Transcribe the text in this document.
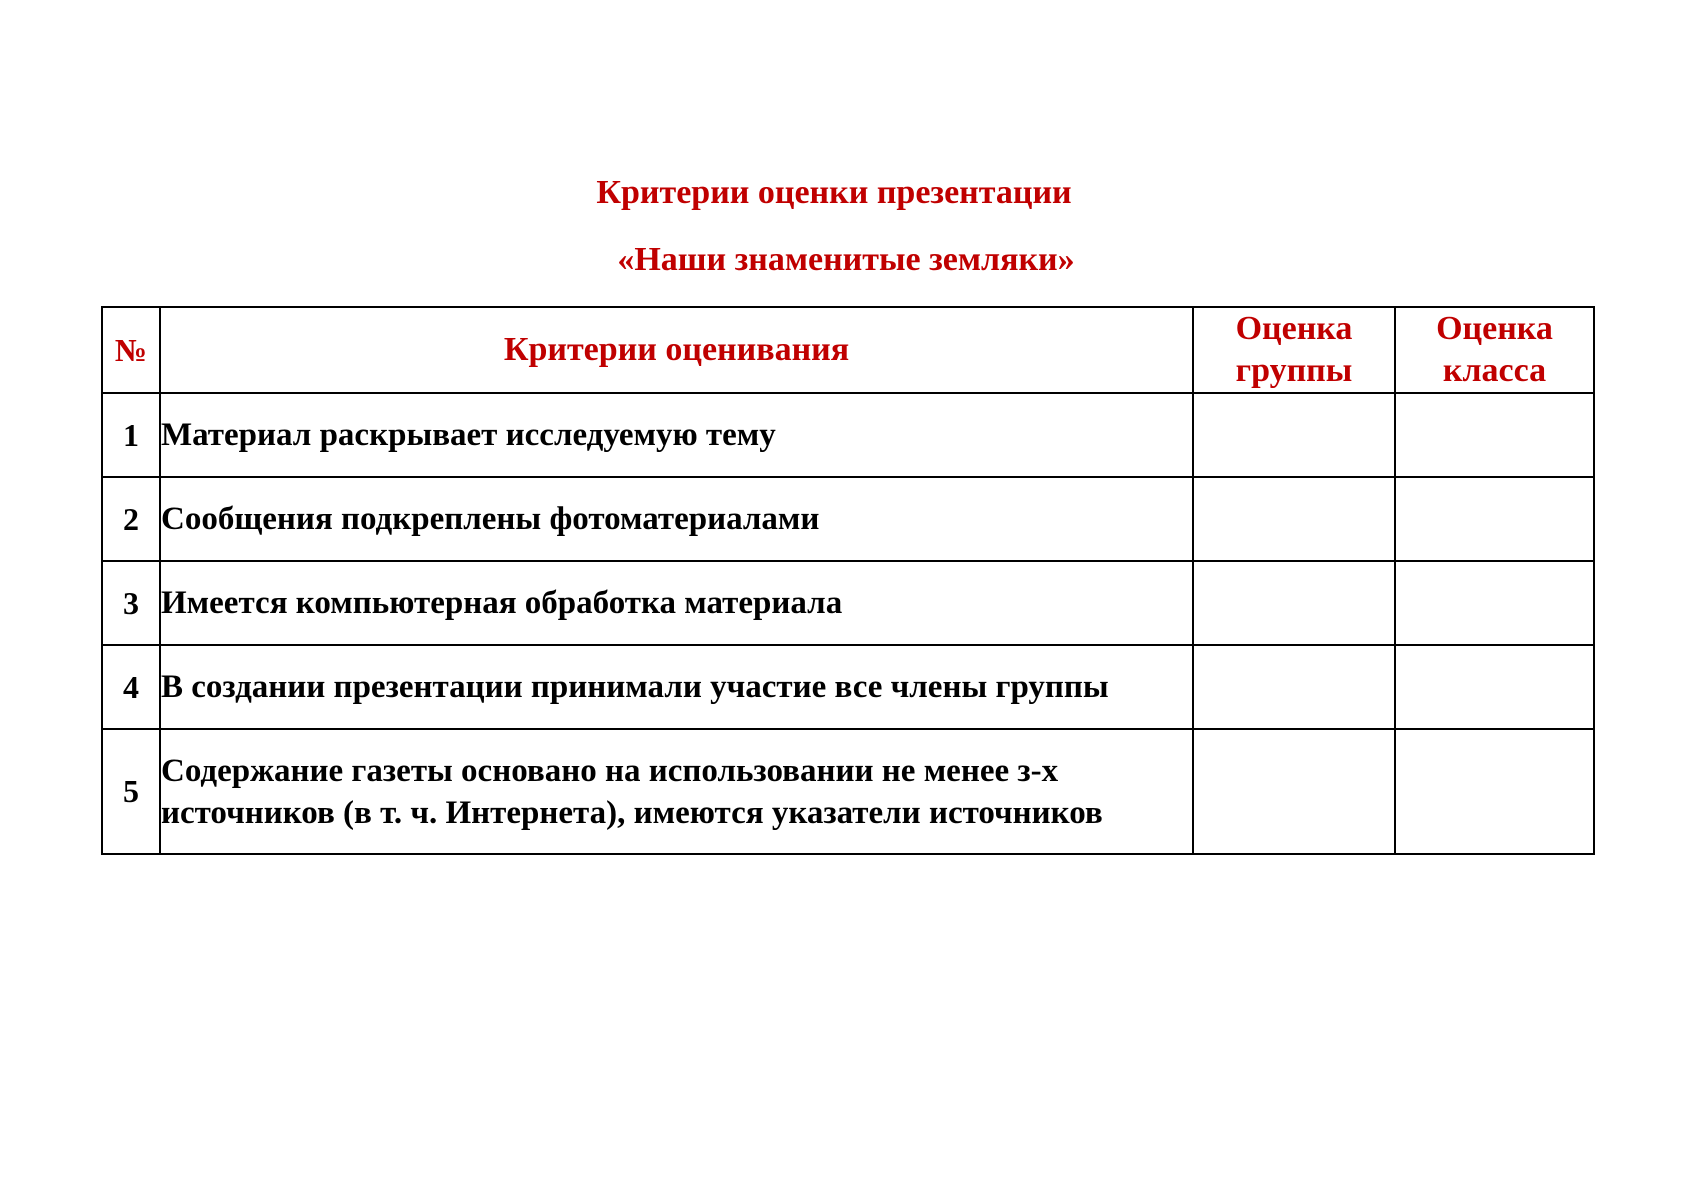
Критерии оценки презентации
«Наши знаменитые земляки»
№	Критерии оценивания	Оценка группы	Оценка класса
1	Материал раскрывает исследуемую тему		
2	Сообщения подкреплены фотоматериалами		
3	Имеется компьютерная обработка материала		
4	В создании презентации принимали участие все члены группы		
5	Содержание газеты основано на использовании не менее з-х источников (в т. ч. Интернета), имеются указатели источников		
